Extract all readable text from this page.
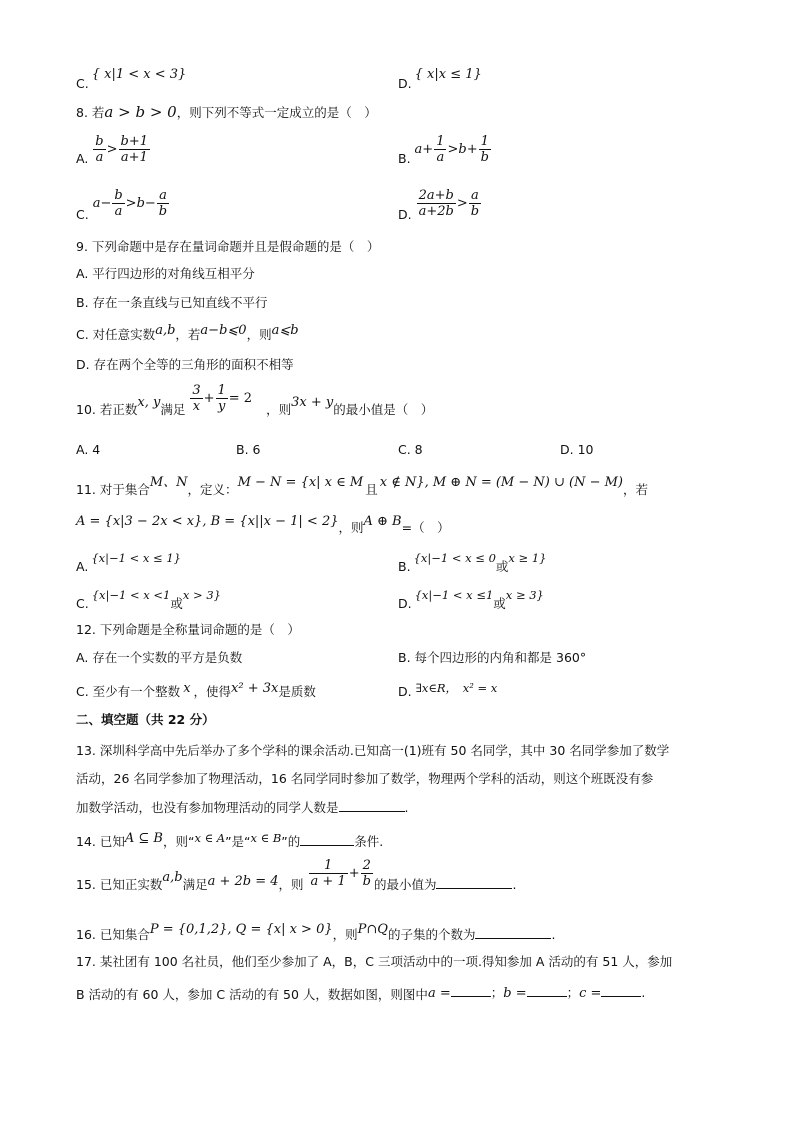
C.{ x|1 < x < 3}
D.{ x|x ≤ 1}
8. 若a > b > 0，则下列不等式一定成立的是（　）
A. $\frac{b}{a} > \frac{b+1}{a+1}$	B. $a+ \frac{1}{a} >b+ \frac{1}{b}$
C. $a- \frac{b}{a} >b- \frac{a}{b}$	D. $\frac{2a+b}{a+2b} > \frac{a}{b}$
9. 下列命题中是存在量词命题并且是假命题的是（　）
A. 平行四边形的对角线互相平分
B. 存在一条直线与已知直线不平行
C. 对任意实数a,b，若a−b⩽0，则a⩽b
D. 存在两个全等的三角形的面积不相等
10. 若正数x, y满足 $\frac{3}{x} + \frac{1}{y} = 2$，则3x + y的最小值是（　）
A. 4	B. 6	C. 8	D. 10
11. 对于集合M、N，定义：M − N = {x| x ∈ M 且 x ∉ N}, M ⊕ N = (M − N) ∪ (N − M)，若
A = {x|3 − 2x < x}, B = {x||x − 1| < 2}，则A ⊕ B=（　）
A.{x|−1 < x ≤ 1}
B.{x|−1 < x ≤ 0或x ≥ 1}
C.{x|−1 < x <1或x > 3}
D.{x|−1 < x ≤1或x ≥ 3}
12. 下列命题是全称量词命题的是（　）
A. 存在一个实数的平方是负数	B. 每个四边形的内角和都是 360°
C. 至少有一个整数 x ，使得x² + 3x是质数	D. ∃x∈R，　x² = x
二、填空题（共 22 分）
13. 深圳科学高中先后举办了多个学科的课余活动.已知高一(1)班有 50 名同学，其中 30 名同学参加了数学
活动，26 名同学参加了物理活动，16 名同学同时参加了数学，物理两个学科的活动，则这个班既没有参
加数学活动，也没有参加物理活动的同学人数是	.
14. 已知A ⊆ B，则“x ∈ A”是“x ∈ B”的	条件.
15. 已知正实数a,b满足a + 2b = 4，则 $\frac{1}{a + 1} + \frac{2}{b}$ 的最小值为	.
16. 已知集合P = {0,1,2}, Q = {x| x > 0}，则P∩Q的子集的个数为	.
17. 某社团有 100 名社员，他们至少参加了 A，B，C 三项活动中的一项.得知参加 A 活动的有 51 人，参加
B 活动的有 60 人，参加 C 活动的有 50 人，数据如图，则图中a =	；b =	；c =	.
